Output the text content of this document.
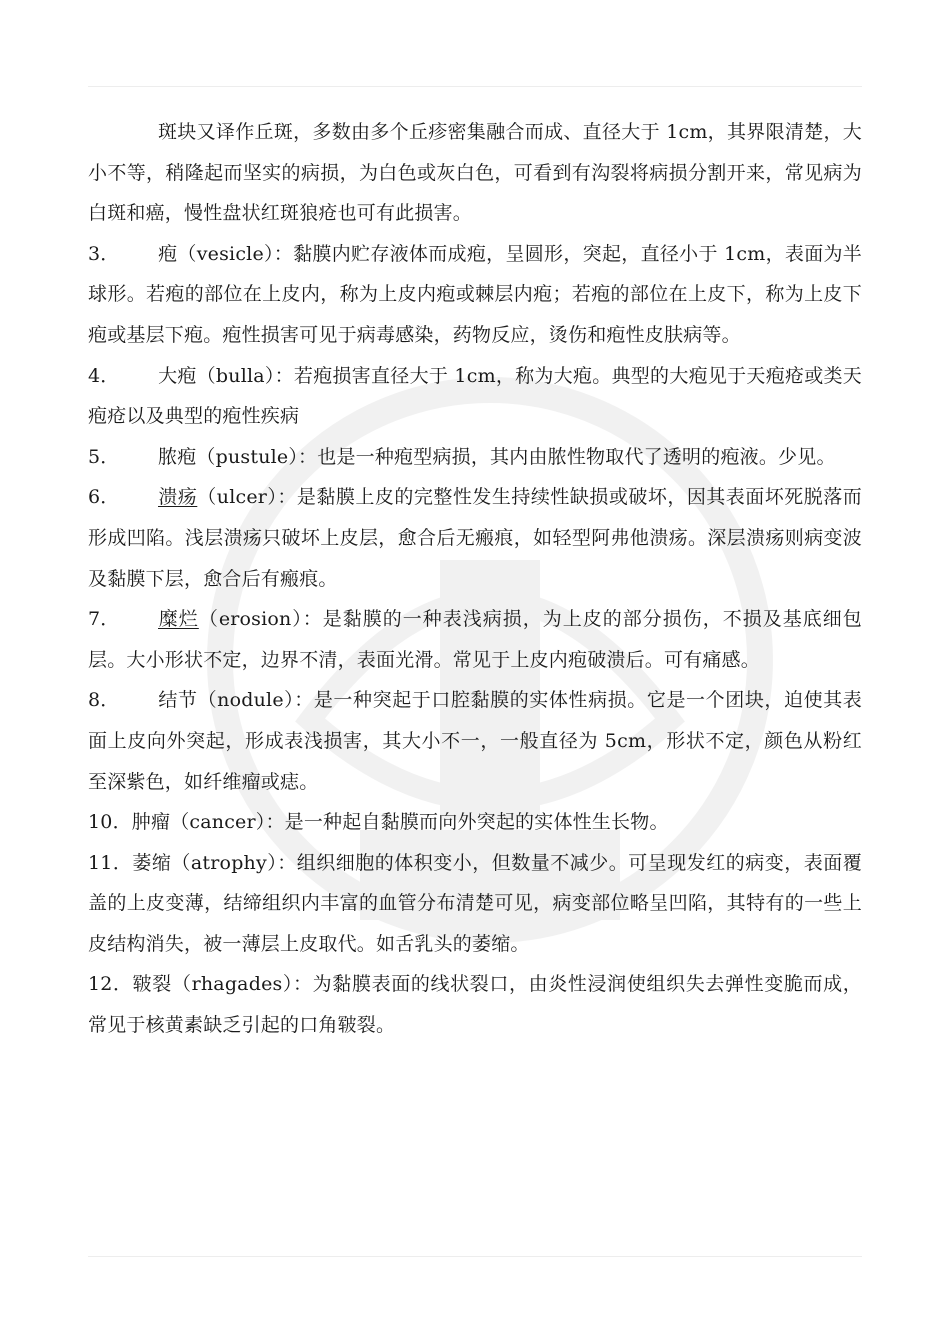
斑块又译作丘斑，多数由多个丘疹密集融合而成、直径大于 1cm，其界限清楚，大小不等，稍隆起而坚实的病损，为白色或灰白色，可看到有沟裂将病损分割开来，常见病为白斑和癌，慢性盘状红斑狼疮也可有此损害。

3． 疱（vesicle）：黏膜内贮存液体而成疱，呈圆形，突起，直径小于 1cm，表面为半球形。若疱的部位在上皮内，称为上皮内疱或棘层内疱；若疱的部位在上皮下，称为上皮下疱或基层下疱。疱性损害可见于病毒感染，药物反应，烫伤和疱性皮肤病等。

4． 大疱（bulla）：若疱损害直径大于 1cm，称为大疱。典型的大疱见于天疱疮或类天疱疮以及典型的疱性疾病

5． 脓疱（pustule）：也是一种疱型病损，其内由脓性物取代了透明的疱液。少见。

6． 溃疡（ulcer）：是黏膜上皮的完整性发生持续性缺损或破坏，因其表面坏死脱落而形成凹陷。浅层溃疡只破坏上皮层，愈合后无瘢痕，如轻型阿弗他溃疡。深层溃疡则病变波及黏膜下层，愈合后有瘢痕。

7． 糜烂（erosion）：是黏膜的一种表浅病损，为上皮的部分损伤，不损及基底细包层。大小形状不定，边界不清，表面光滑。常见于上皮内疱破溃后。可有痛感。

8． 结节（nodule）：是一种突起于口腔黏膜的实体性病损。它是一个团块，迫使其表面上皮向外突起，形成表浅损害，其大小不一，一般直径为 5cm，形状不定，颜色从粉红至深紫色，如纤维瘤或痣。

10．肿瘤（cancer）：是一种起自黏膜而向外突起的实体性生长物。

11．萎缩（atrophy）：组织细胞的体积变小，但数量不减少。可呈现发红的病变，表面覆盖的上皮变薄，结缔组织内丰富的血管分布清楚可见，病变部位略呈凹陷，其特有的一些上皮结构消失，被一薄层上皮取代。如舌乳头的萎缩。

12．皲裂（rhagades）：为黏膜表面的线状裂口，由炎性浸润使组织失去弹性变脆而成，常见于核黄素缺乏引起的口角皲裂。
